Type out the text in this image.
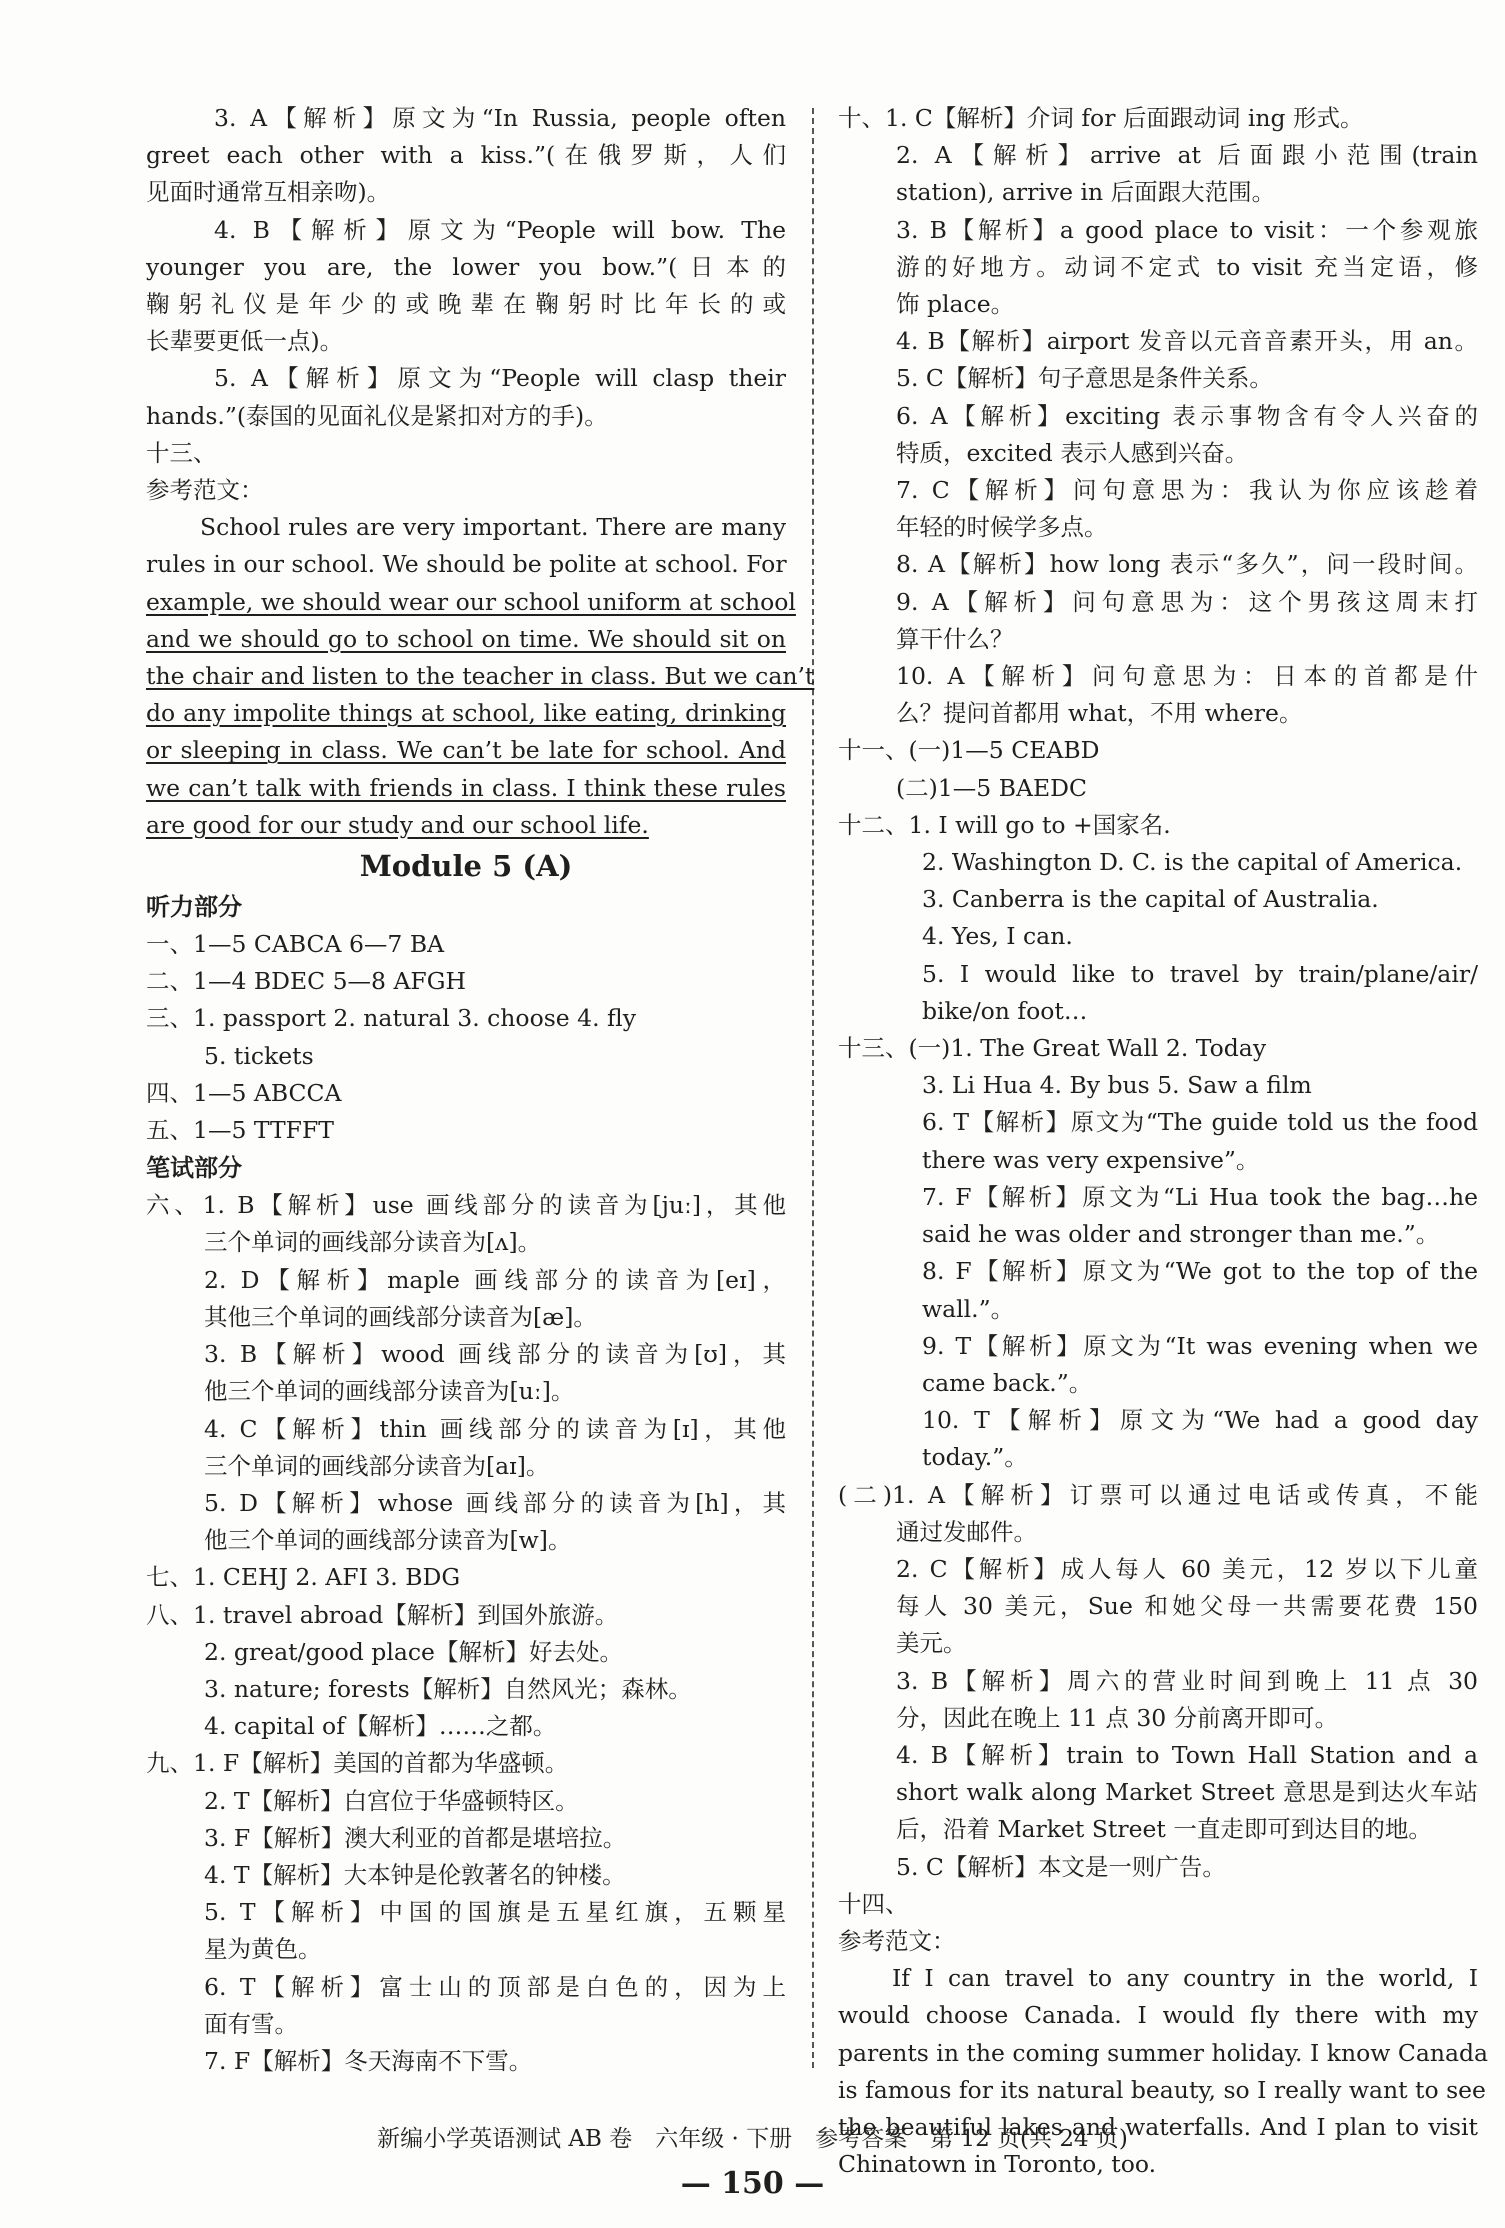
3. A【解析】原文为“In Russia, people often
greet each other with a kiss.”(在俄罗斯，人们
见面时通常互相亲吻)。
4. B【解析】原文为“People will bow. The
younger you are, the lower you bow.”(日本的
鞠躬礼仪是年少的或晚辈在鞠躬时比年长的或
长辈要更低一点)。
5. A【解析】原文为“People will clasp their
hands.”(泰国的见面礼仪是紧扣对方的手)。
十三、
参考范文：
School rules are very important. There are many
rules in our school. We should be polite at school. For
example, we should wear our school uniform at school
and we should go to school on time. We should sit on
the chair and listen to the teacher in class. But we can’t
do any impolite things at school, like eating, drinking
or sleeping in class. We can’t be late for school. And
we can’t talk with friends in class. I think these rules
are good for our study and our school life.
Module 5 (A)
听力部分
一、1—5 CABCA 6—7 BA
二、1—4 BDEC 5—8 AFGH
三、1. passport 2. natural 3. choose 4. fly
5. tickets
四、1—5 ABCCA
五、1—5 TTFFT
笔试部分
六、1. B【解析】use 画线部分的读音为[juː]，其他
三个单词的画线部分读音为[ʌ]。
2. D【解析】maple 画线部分的读音为[eɪ]，
其他三个单词的画线部分读音为[æ]。
3. B【解析】wood 画线部分的读音为[ʊ]，其
他三个单词的画线部分读音为[uː]。
4. C【解析】thin 画线部分的读音为[ɪ]，其他
三个单词的画线部分读音为[aɪ]。
5. D【解析】whose 画线部分的读音为[h]，其
他三个单词的画线部分读音为[w]。
七、1. CEHJ 2. AFI 3. BDG
八、1. travel abroad【解析】到国外旅游。
2. great/good place【解析】好去处。
3. nature; forests【解析】自然风光；森林。
4. capital of【解析】……之都。
九、1. F【解析】美国的首都为华盛顿。
2. T【解析】白宫位于华盛顿特区。
3. F【解析】澳大利亚的首都是堪培拉。
4. T【解析】大本钟是伦敦著名的钟楼。
5. T【解析】中国的国旗是五星红旗，五颗星
星为黄色。
6. T【解析】富士山的顶部是白色的，因为上
面有雪。
7. F【解析】冬天海南不下雪。
十、1. C【解析】介词 for 后面跟动词 ing 形式。
2. A【解析】arrive at 后面跟小范围(train
station), arrive in 后面跟大范围。
3. B【解析】a good place to visit：一个参观旅
游的好地方。动词不定式 to visit 充当定语，修
饰 place。
4. B【解析】airport 发音以元音音素开头，用 an。
5. C【解析】句子意思是条件关系。
6. A【解析】exciting 表示事物含有令人兴奋的
特质，excited 表示人感到兴奋。
7. C【解析】问句意思为：我认为你应该趁着
年轻的时候学多点。
8. A【解析】how long 表示“多久”，问一段时间。
9. A【解析】问句意思为：这个男孩这周末打
算干什么？
10. A【解析】问句意思为：日本的首都是什
么？提问首都用 what，不用 where。
十一、(一)1—5 CEABD
(二)1—5 BAEDC
十二、1. I will go to +国家名.
2. Washington D. C. is the capital of America.
3. Canberra is the capital of Australia.
4. Yes, I can.
5. I would like to travel by train/plane/air/
bike/on foot…
十三、(一)1. The Great Wall 2. Today
3. Li Hua 4. By bus 5. Saw a film
6. T【解析】原文为“The guide told us the food
there was very expensive”。
7. F【解析】原文为“Li Hua took the bag…he
said he was older and stronger than me.”。
8. F【解析】原文为“We got to the top of the
wall.”。
9. T【解析】原文为“It was evening when we
came back.”。
10. T【解析】原文为“We had a good day
today.”。
(二)1. A【解析】订票可以通过电话或传真，不能
通过发邮件。
2. C【解析】成人每人 60 美元，12 岁以下儿童
每人 30 美元，Sue 和她父母一共需要花费 150
美元。
3. B【解析】周六的营业时间到晚上 11 点 30
分，因此在晚上 11 点 30 分前离开即可。
4. B【解析】train to Town Hall Station and a
short walk along Market Street 意思是到达火车站
后，沿着 Market Street 一直走即可到达目的地。
5. C【解析】本文是一则广告。
十四、
参考范文：
If I can travel to any country in the world, I
would choose Canada. I would fly there with my
parents in the coming summer holiday. I know Canada
is famous for its natural beauty, so I really want to see
the beautiful lakes and waterfalls. And I plan to visit
Chinatown in Toronto, too.
新编小学英语测试 AB 卷　六年级 · 下册　参考答案　第 12 页(共 24 页)
— 150 —
